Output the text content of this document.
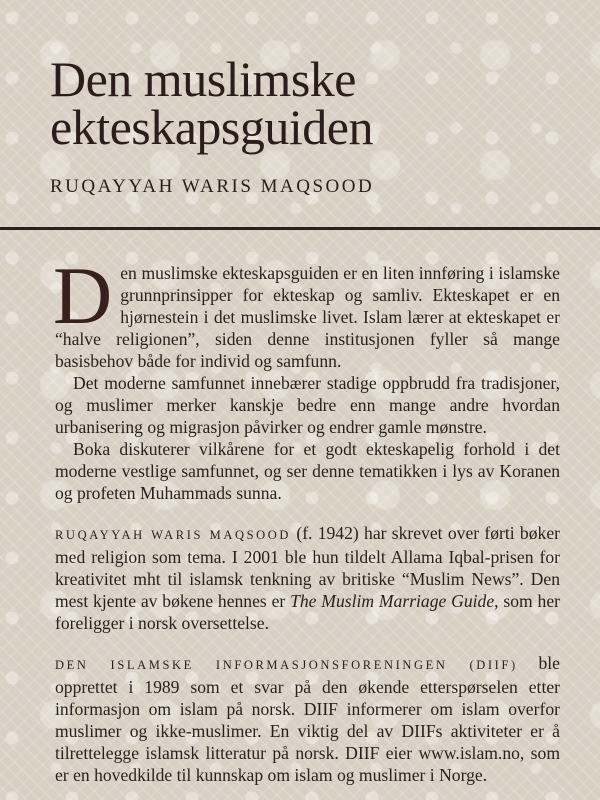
Den muslimske
ekteskapsguiden
RUQAYYAH WARIS MAQSOOD

Den muslimske ekteskapsguiden er en liten innføring i islamske grunnprinsipper for ekteskap og samliv. Ekteskapet er en hjørnestein i det muslimske livet. Islam lærer at ekteskapet er “halve religionen”, siden denne institusjonen fyller så mange basisbehov både for individ og samfunn.

Det moderne samfunnet innebærer stadige oppbrudd fra tradisjoner, og muslimer merker kanskje bedre enn mange andre hvordan urbanisering og migrasjon påvirker og endrer gamle mønstre.

Boka diskuterer vilkårene for et godt ekteskapelig forhold i det moderne vestlige samfunnet, og ser denne tematikken i lys av Koranen og profeten Muhammads sunna.

RUQAYYAH WARIS MAQSOOD (f. 1942) har skrevet over førti bøker med religion som tema. I 2001 ble hun tildelt Allama Iqbal-prisen for kreativitet mht til islamsk tenkning av britiske “Muslim News”. Den mest kjente av bøkene hennes er The Muslim Marriage Guide, som her foreligger i norsk oversettelse.

DEN ISLAMSKE INFORMASJONSFORENINGEN (DIIF) ble opprettet i 1989 som et svar på den økende etterspørselen etter informasjon om islam på norsk. DIIF informerer om islam overfor muslimer og ikke-muslimer. En viktig del av DIIFs aktiviteter er å tilrettelegge islamsk litteratur på norsk. DIIF eier www.islam.no, som er en hovedkilde til kunnskap om islam og muslimer i Norge.
